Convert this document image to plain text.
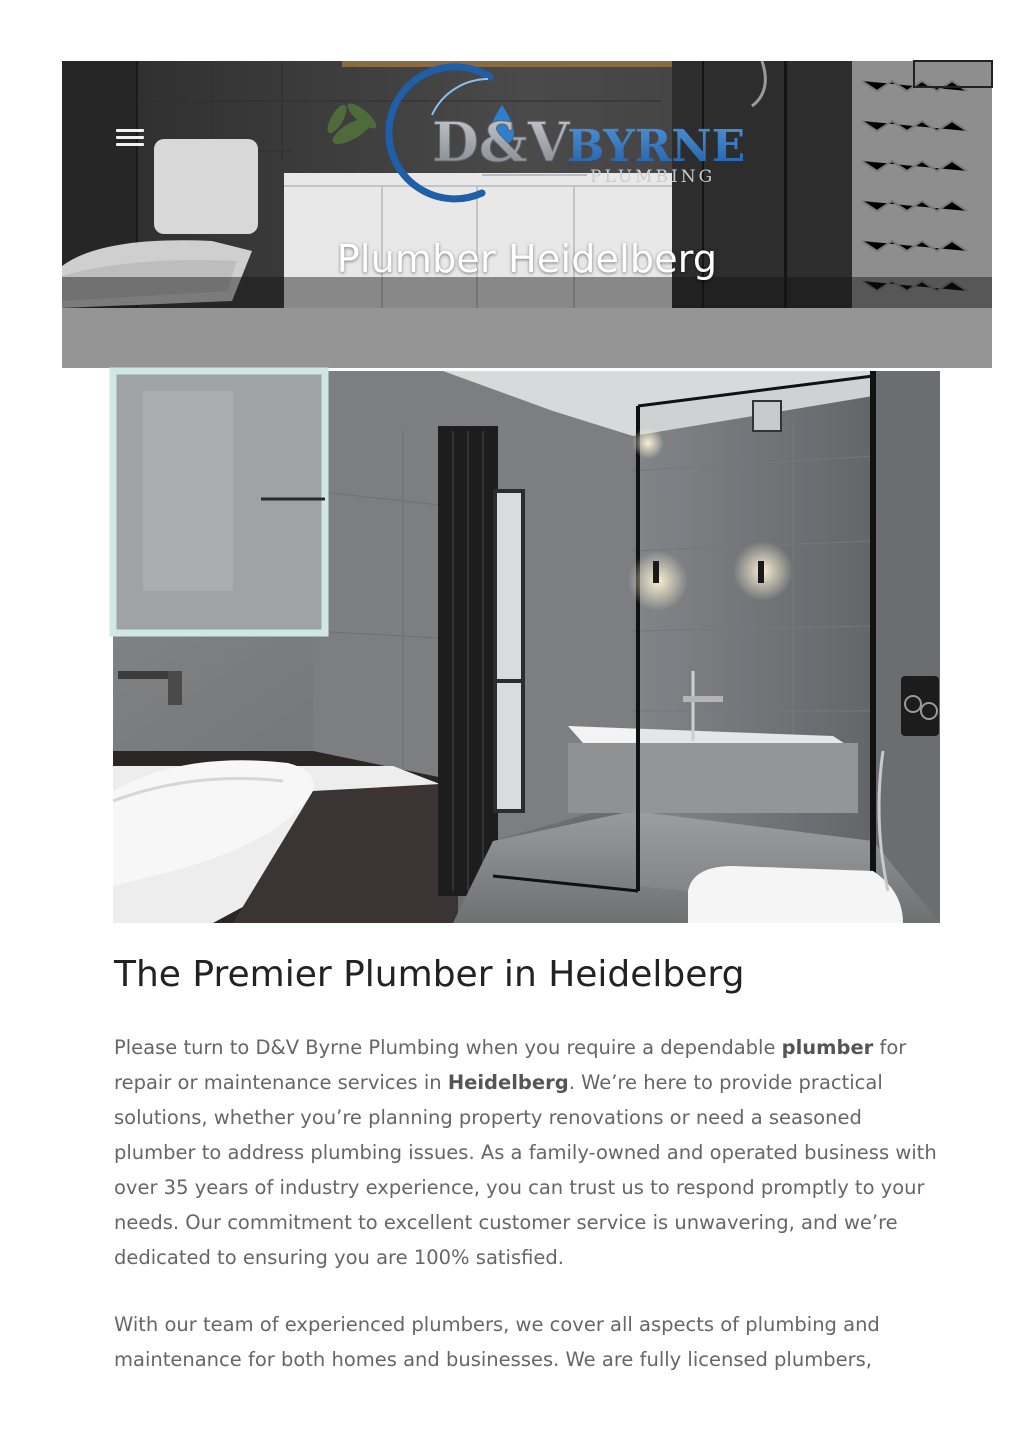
D&V
BYRNE
PLUMBING
Plumber Heidelberg
The Premier Plumber in Heidelberg

Please turn to D&V Byrne Plumbing when you require a dependable plumber for repair or maintenance services in Heidelberg. We’re here to provide practical solutions, whether you’re planning property renovations or need a seasoned plumber to address plumbing issues. As a family-owned and operated business with over 35 years of industry experience, you can trust us to respond promptly to your needs. Our commitment to excellent customer service is unwavering, and we’re dedicated to ensuring you are 100% satisfied.

With our team of experienced plumbers, we cover all aspects of plumbing and maintenance for both homes and businesses. We are fully licensed plumbers,
